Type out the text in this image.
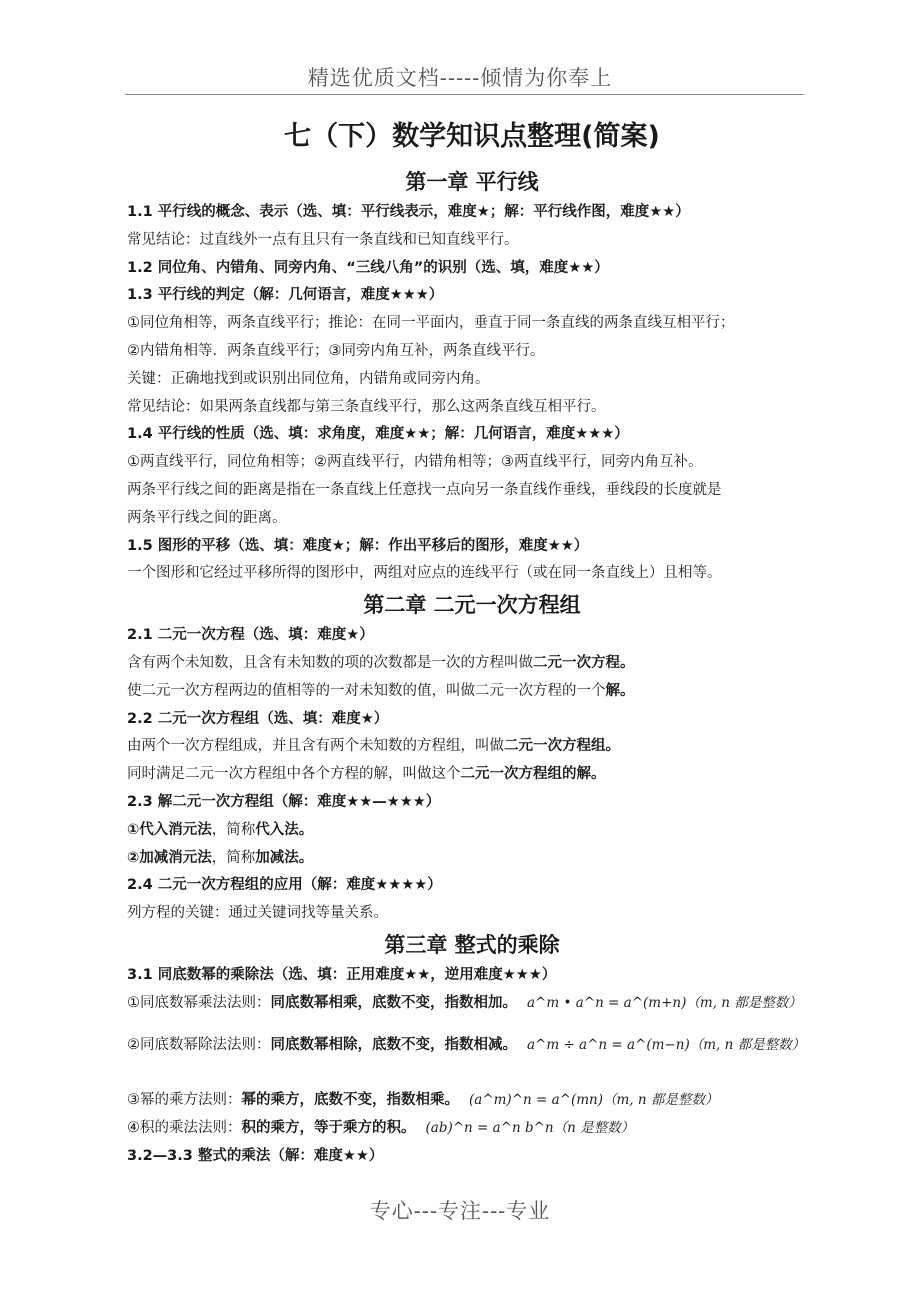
精选优质文档-----倾情为你奉上
七（下）数学知识点整理(简案)
第一章 平行线
1.1 平行线的概念、表示（选、填：平行线表示，难度★；解：平行线作图，难度★★）
常见结论：过直线外一点有且只有一条直线和已知直线平行。
1.2 同位角、内错角、同旁内角、“三线八角”的识别（选、填，难度★★）
1.3 平行线的判定（解：几何语言，难度★★★）
①同位角相等，两条直线平行；推论：在同一平面内，垂直于同一条直线的两条直线互相平行；
②内错角相等．两条直线平行；③同旁内角互补，两条直线平行。
关键：正确地找到或识别出同位角，内错角或同旁内角。
常见结论：如果两条直线都与第三条直线平行，那么这两条直线互相平行。
1.4 平行线的性质（选、填：求角度，难度★★；解：几何语言，难度★★★）
①两直线平行，同位角相等；②两直线平行，内错角相等；③两直线平行，同旁内角互补。
两条平行线之间的距离是指在一条直线上任意找一点向另一条直线作垂线，垂线段的长度就是
两条平行线之间的距离。
1.5 图形的平移（选、填：难度★；解：作出平移后的图形，难度★★）
一个图形和它经过平移所得的图形中，两组对应点的连线平行（或在同一条直线上）且相等。
第二章 二元一次方程组
2.1 二元一次方程（选、填：难度★）
含有两个未知数，且含有未知数的项的次数都是一次的方程叫做二元一次方程。
使二元一次方程两边的值相等的一对未知数的值，叫做二元一次方程的一个解。
2.2 二元一次方程组（选、填：难度★）
由两个一次方程组成，并且含有两个未知数的方程组，叫做二元一次方程组。
同时满足二元一次方程组中各个方程的解，叫做这个二元一次方程组的解。
2.3 解二元一次方程组（解：难度★★—★★★）
①代入消元法，简称代入法。
②加减消元法，简称加减法。
2.4 二元一次方程组的应用（解：难度★★★★）
列方程的关键：通过关键词找等量关系。
第三章 整式的乘除
3.1 同底数幂的乘除法（选、填：正用难度★★，逆用难度★★★）
①同底数幂乘法法则：同底数幂相乘，底数不变，指数相加。 a^m • a^n = a^(m+n)（m, n 都是整数）
②同底数幂除法法则：同底数幂相除，底数不变，指数相减。 a^m ÷ a^n = a^(m−n)（m, n 都是整数）
③幂的乘方法则：幂的乘方，底数不变，指数相乘。 (a^m)^n = a^(mn)（m, n 都是整数）
④积的乘法法则：积的乘方，等于乘方的积。 (ab)^n = a^n b^n（n 是整数）
3.2—3.3 整式的乘法（解：难度★★）
专心---专注---专业
